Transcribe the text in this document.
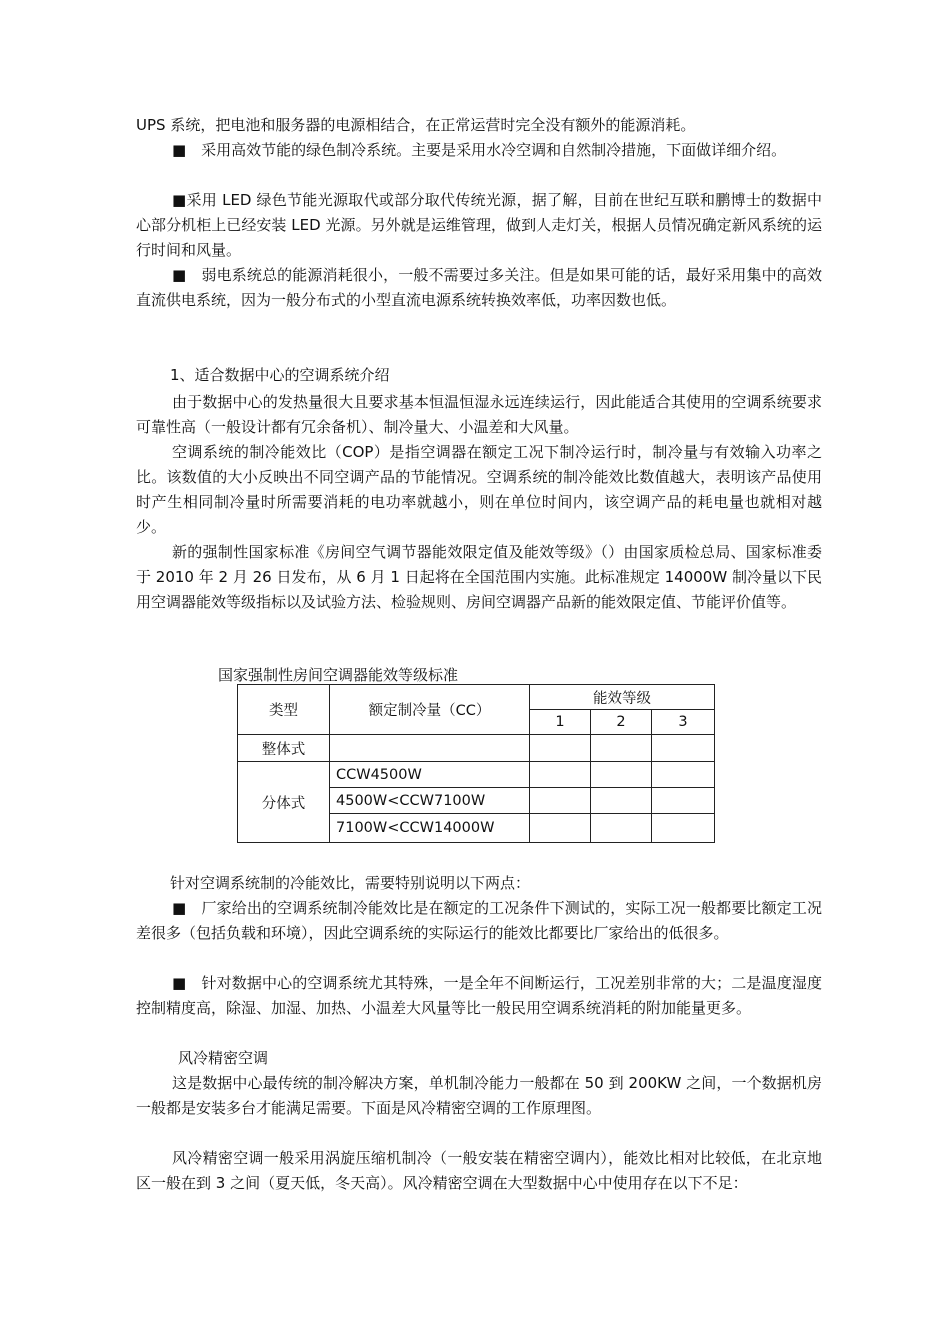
UPS 系统，把电池和服务器的电源相结合，在正常运营时完全没有额外的能源消耗。

■　采用高效节能的绿色制冷系统。主要是采用水冷空调和自然制冷措施，下面做详细介绍。

■采用 LED 绿色节能光源取代或部分取代传统光源，据了解，目前在世纪互联和鹏博士的数据中心部分机柜上已经安装 LED 光源。另外就是运维管理，做到人走灯关，根据人员情况确定新风系统的运行时间和风量。

■　弱电系统总的能源消耗很小，一般不需要过多关注。但是如果可能的话，最好采用集中的高效直流供电系统，因为一般分布式的小型直流电源系统转换效率低，功率因数也低。

1、适合数据中心的空调系统介绍

由于数据中心的发热量很大且要求基本恒温恒湿永远连续运行，因此能适合其使用的空调系统要求可靠性高（一般设计都有冗余备机）、制冷量大、小温差和大风量。

空调系统的制冷能效比（COP）是指空调器在额定工况下制冷运行时，制冷量与有效输入功率之比。该数值的大小反映出不同空调产品的节能情况。空调系统的制冷能效比数值越大，表明该产品使用时产生相同制冷量时所需要消耗的电功率就越小，则在单位时间内，该空调产品的耗电量也就相对越少。

新的强制性国家标准《房间空气调节器能效限定值及能效等级》（）由国家质检总局、国家标准委于 2010 年 2 月 26 日发布，从 6 月 1 日起将在全国范围内实施。此标准规定 14000W 制冷量以下民用空调器能效等级指标以及试验方法、检验规则、房间空调器产品新的能效限定值、节能评价值等。

国家强制性房间空调器能效等级标准
类型	额定制冷量（CC）	能效等级		
		1	2	3
整体式				
分体式	CCW4500W			
	4500W<CCW7100W			
	7100W<CCW14000W			
针对空调系统制的冷能效比，需要特别说明以下两点：

■　厂家给出的空调系统制冷能效比是在额定的工况条件下测试的，实际工况一般都要比额定工况差很多（包括负载和环境），因此空调系统的实际运行的能效比都要比厂家给出的低很多。

■　针对数据中心的空调系统尤其特殊，一是全年不间断运行，工况差别非常的大；二是温度湿度控制精度高，除湿、加湿、加热、小温差大风量等比一般民用空调系统消耗的附加能量更多。

风冷精密空调

这是数据中心最传统的制冷解决方案，单机制冷能力一般都在 50 到 200KW 之间，一个数据机房一般都是安装多台才能满足需要。下面是风冷精密空调的工作原理图。

风冷精密空调一般采用涡旋压缩机制冷（一般安装在精密空调内），能效比相对比较低，在北京地区一般在到 3 之间（夏天低，冬天高）。风冷精密空调在大型数据中心中使用存在以下不足：
